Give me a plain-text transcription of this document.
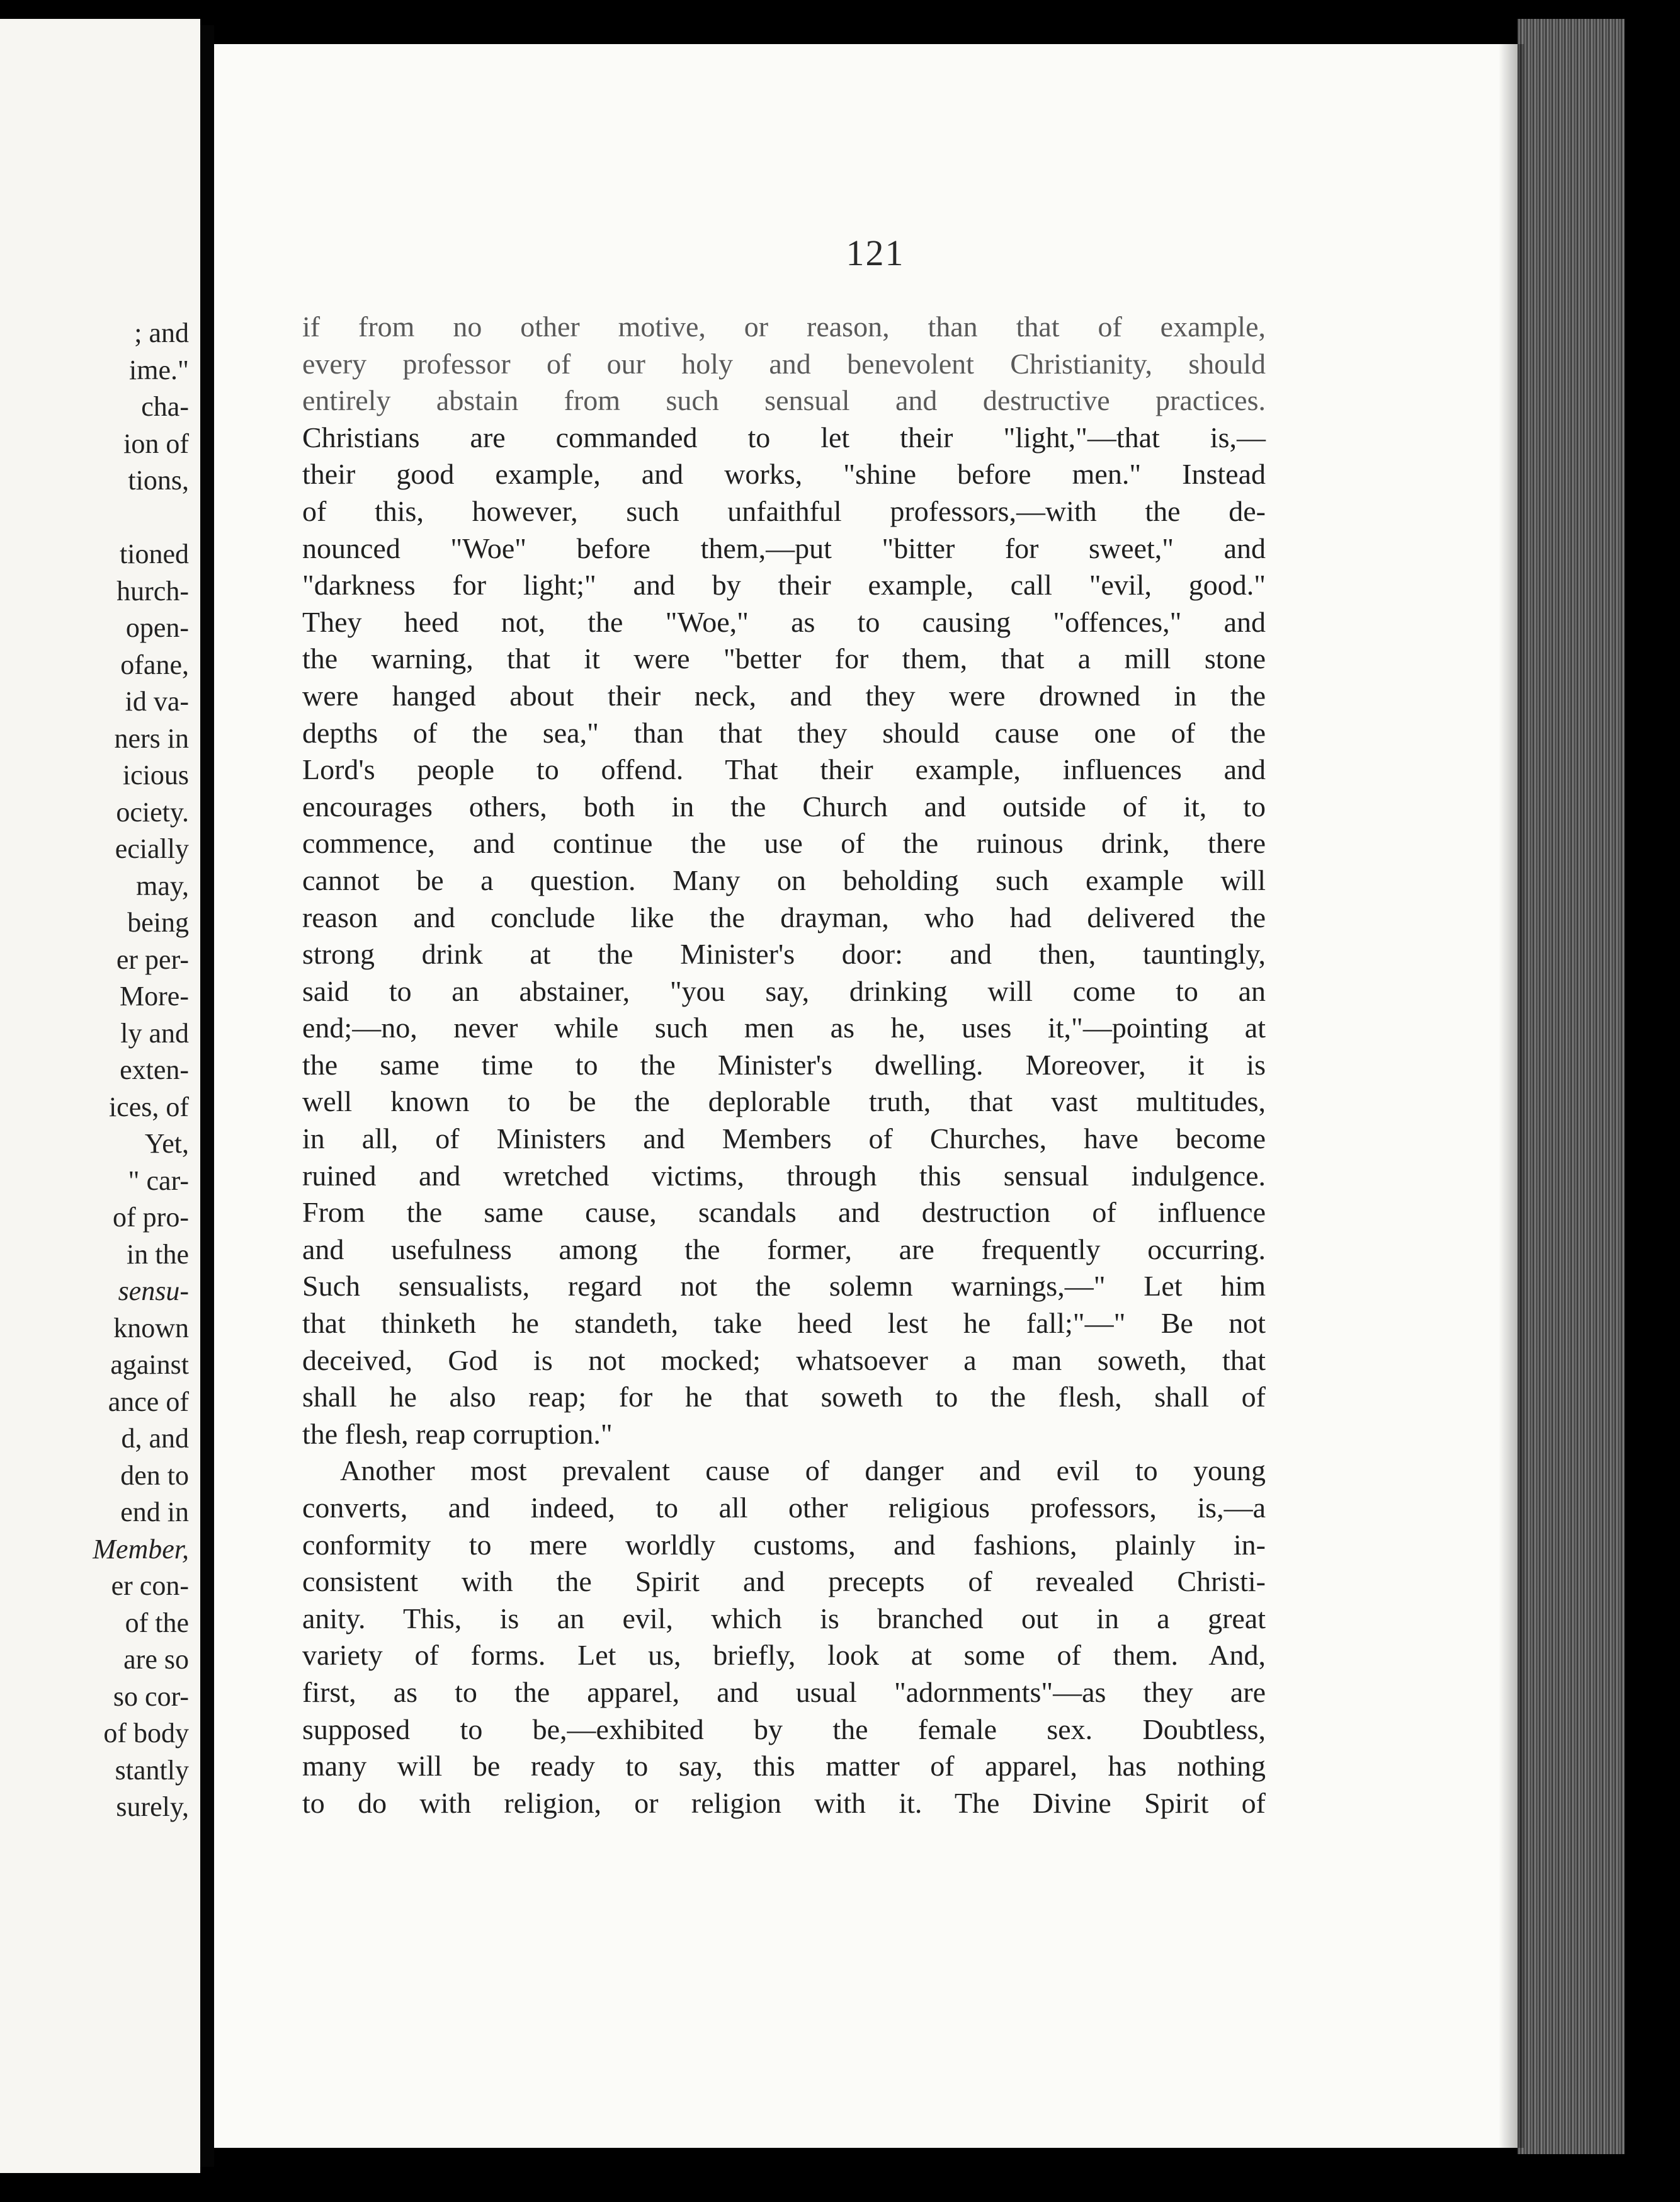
; and
ime."
cha-
ion of
tions,

tioned
hurch-
open-
ofane,
id va-
ners in
icious
ociety.
ecially
may,
being
er per-
More-
ly and
exten-
ices, of
Yet,
" car-
of pro-
in the
sensu-
known
against
ance of
d, and
den to
end in
Member,
er con-
of the
are so
so cor-
of body
stantly
surely,
121
if from no other motive, or reason, than that of example,
every professor of our holy and benevolent Christianity, should
entirely abstain from such sensual and destructive practices.
Christians are commanded to let their "light,"—that is,—
their good example, and works, "shine before men." Instead
of this, however, such unfaithful professors,—with the de-
nounced "Woe" before them,—put "bitter for sweet," and
"darkness for light;" and by their example, call "evil, good."
They heed not, the "Woe," as to causing "offences," and
the warning, that it were "better for them, that a mill stone
were hanged about their neck, and they were drowned in the
depths of the sea," than that they should cause one of the
Lord's people to offend. That their example, influences and
encourages others, both in the Church and outside of it, to
commence, and continue the use of the ruinous drink, there
cannot be a question. Many on beholding such example will
reason and conclude like the drayman, who had delivered the
strong drink at the Minister's door: and then, tauntingly,
said to an abstainer, "you say, drinking will come to an
end;—no, never while such men as he, uses it,"—pointing at
the same time to the Minister's dwelling. Moreover, it is
well known to be the deplorable truth, that vast multitudes,
in all, of Ministers and Members of Churches, have become
ruined and wretched victims, through this sensual indulgence.
From the same cause, scandals and destruction of influence
and usefulness among the former, are frequently occurring.
Such sensualists, regard not the solemn warnings,—" Let him
that thinketh he standeth, take heed lest he fall;"—" Be not
deceived, God is not mocked; whatsoever a man soweth, that
shall he also reap; for he that soweth to the flesh, shall of
the flesh, reap corruption."
Another most prevalent cause of danger and evil to young
converts, and indeed, to all other religious professors, is,—a
conformity to mere worldly customs, and fashions, plainly in-
consistent with the Spirit and precepts of revealed Christi-
anity. This, is an evil, which is branched out in a great
variety of forms. Let us, briefly, look at some of them. And,
first, as to the apparel, and usual "adornments"—as they are
supposed to be,—exhibited by the female sex. Doubtless,
many will be ready to say, this matter of apparel, has nothing
to do with religion, or religion with it. The Divine Spirit of
